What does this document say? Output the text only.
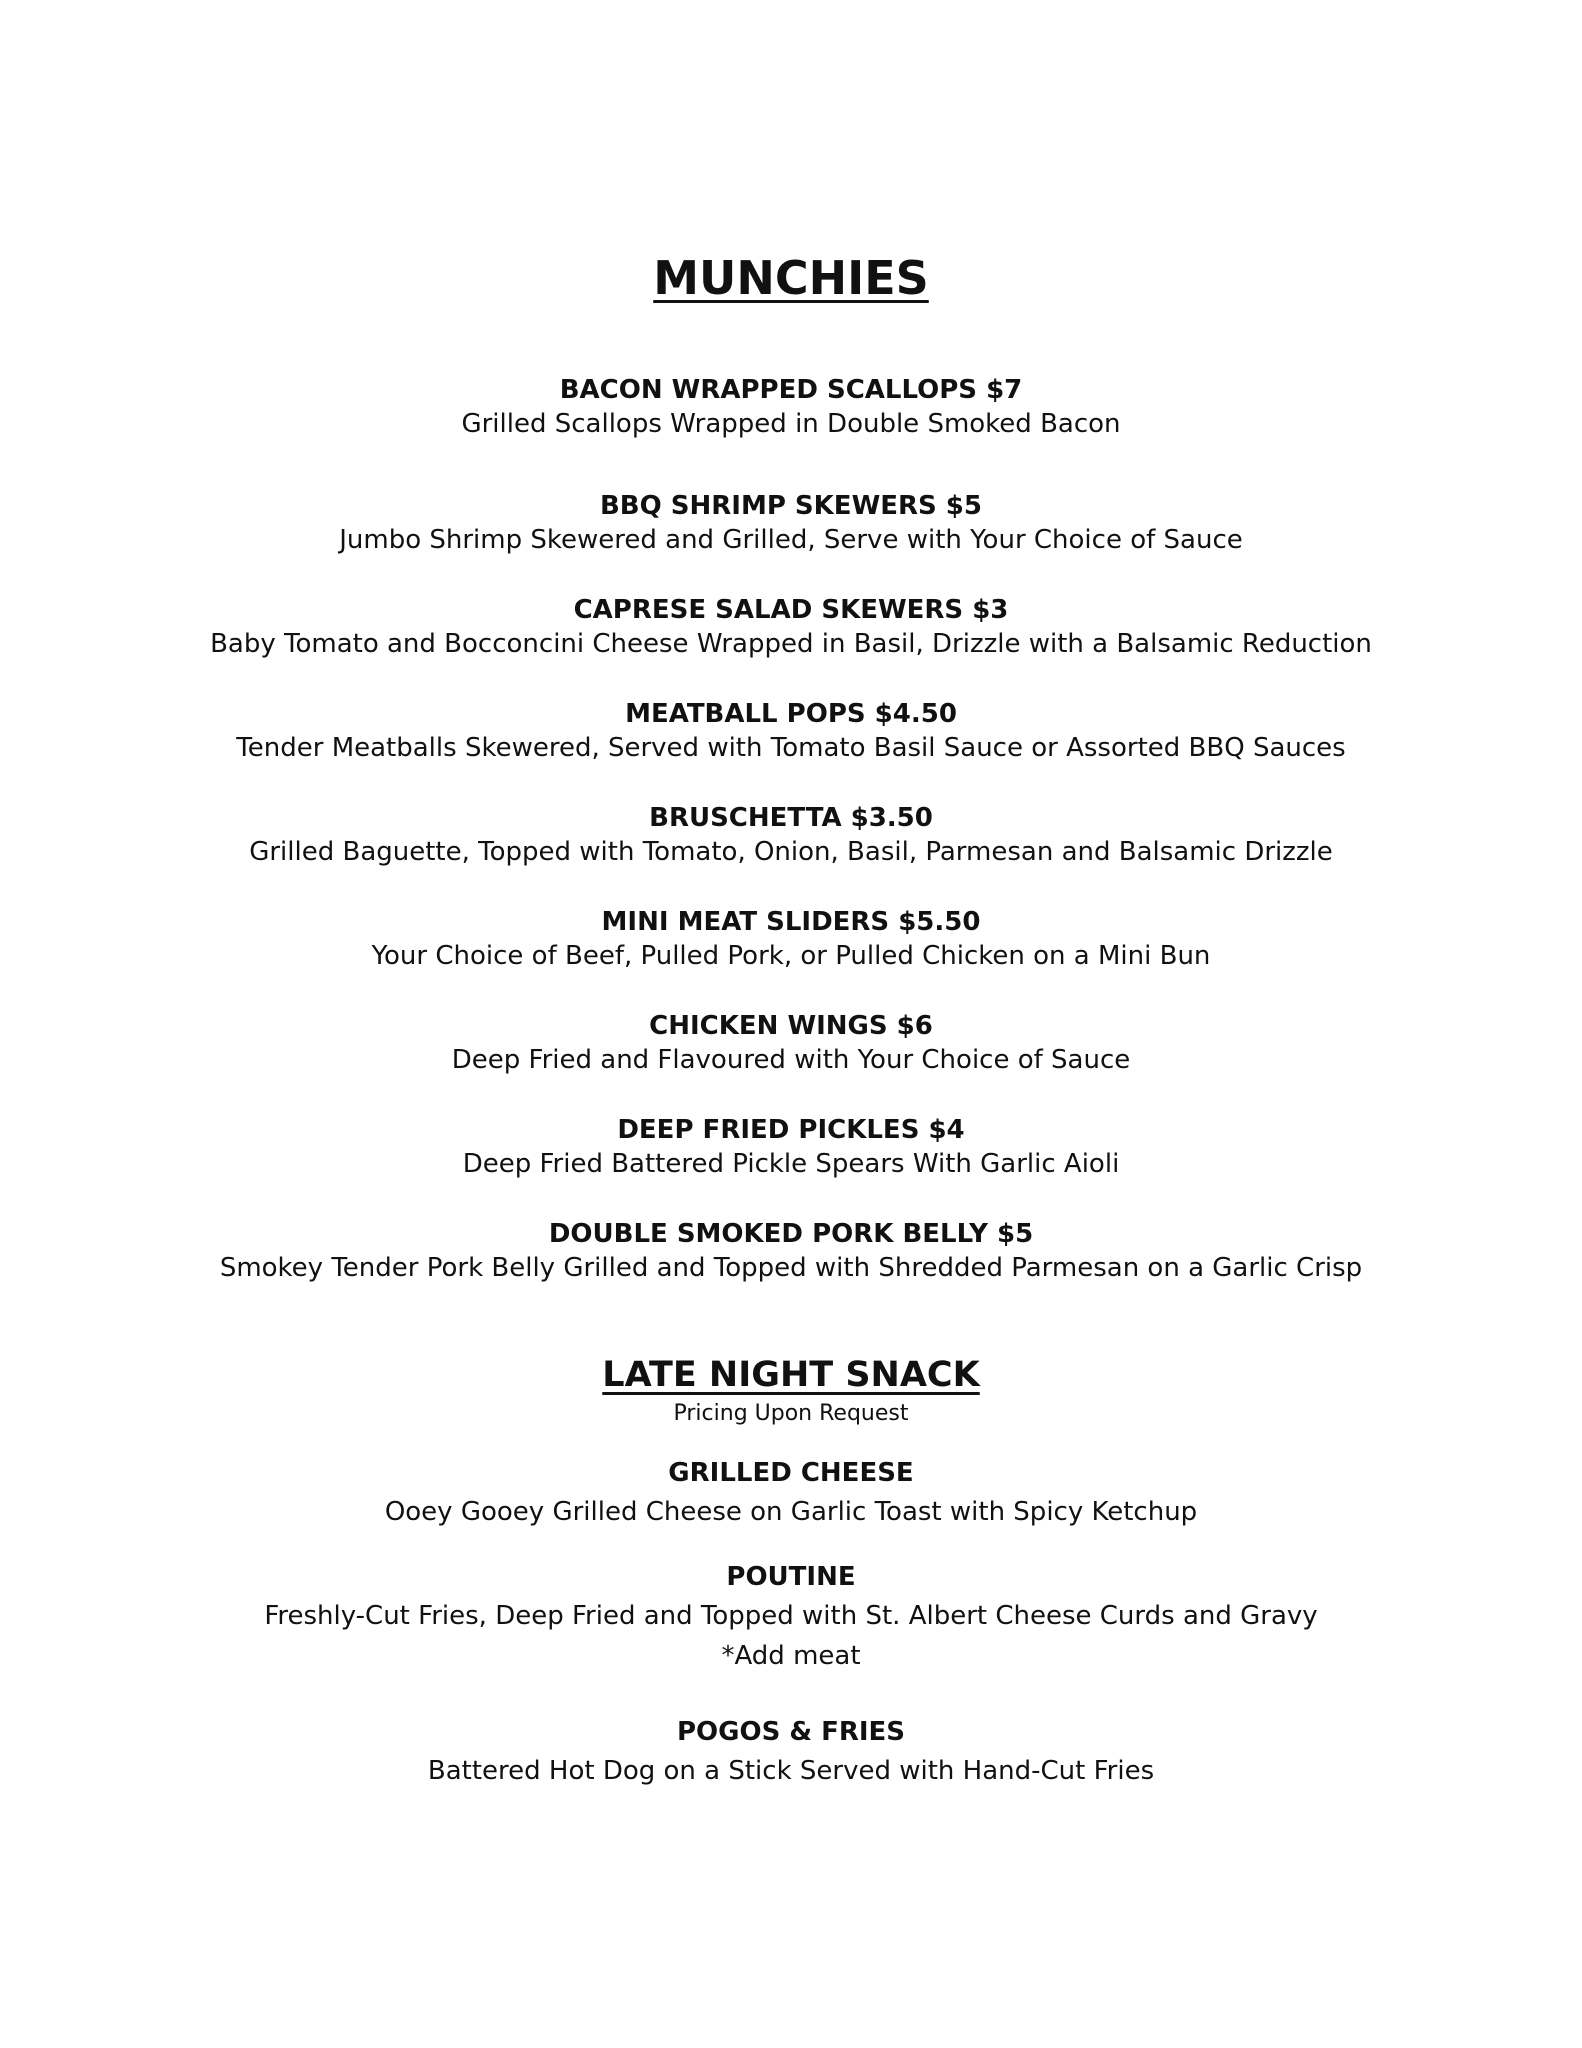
MUNCHIES
BACON WRAPPED SCALLOPS $7
Grilled Scallops Wrapped in Double Smoked Bacon
BBQ SHRIMP SKEWERS $5
Jumbo Shrimp Skewered and Grilled, Serve with Your Choice of Sauce
CAPRESE SALAD SKEWERS $3
Baby Tomato and Bocconcini Cheese Wrapped in Basil, Drizzle with a Balsamic Reduction
MEATBALL POPS $4.50
Tender Meatballs Skewered, Served with Tomato Basil Sauce or Assorted BBQ Sauces
BRUSCHETTA $3.50
Grilled Baguette, Topped with Tomato, Onion, Basil, Parmesan and Balsamic Drizzle
MINI MEAT SLIDERS $5.50
Your Choice of Beef, Pulled Pork, or Pulled Chicken on a Mini Bun
CHICKEN WINGS $6
Deep Fried and Flavoured with Your Choice of Sauce
DEEP FRIED PICKLES $4
Deep Fried Battered Pickle Spears With Garlic Aioli
DOUBLE SMOKED PORK BELLY $5
Smokey Tender Pork Belly Grilled and Topped with Shredded Parmesan on a Garlic Crisp
LATE NIGHT SNACK
Pricing Upon Request
GRILLED CHEESE
Ooey Gooey Grilled Cheese on Garlic Toast with Spicy Ketchup
POUTINE
Freshly-Cut Fries, Deep Fried and Topped with St. Albert Cheese Curds and Gravy
*Add meat
POGOS & FRIES
Battered Hot Dog on a Stick Served with Hand-Cut Fries
